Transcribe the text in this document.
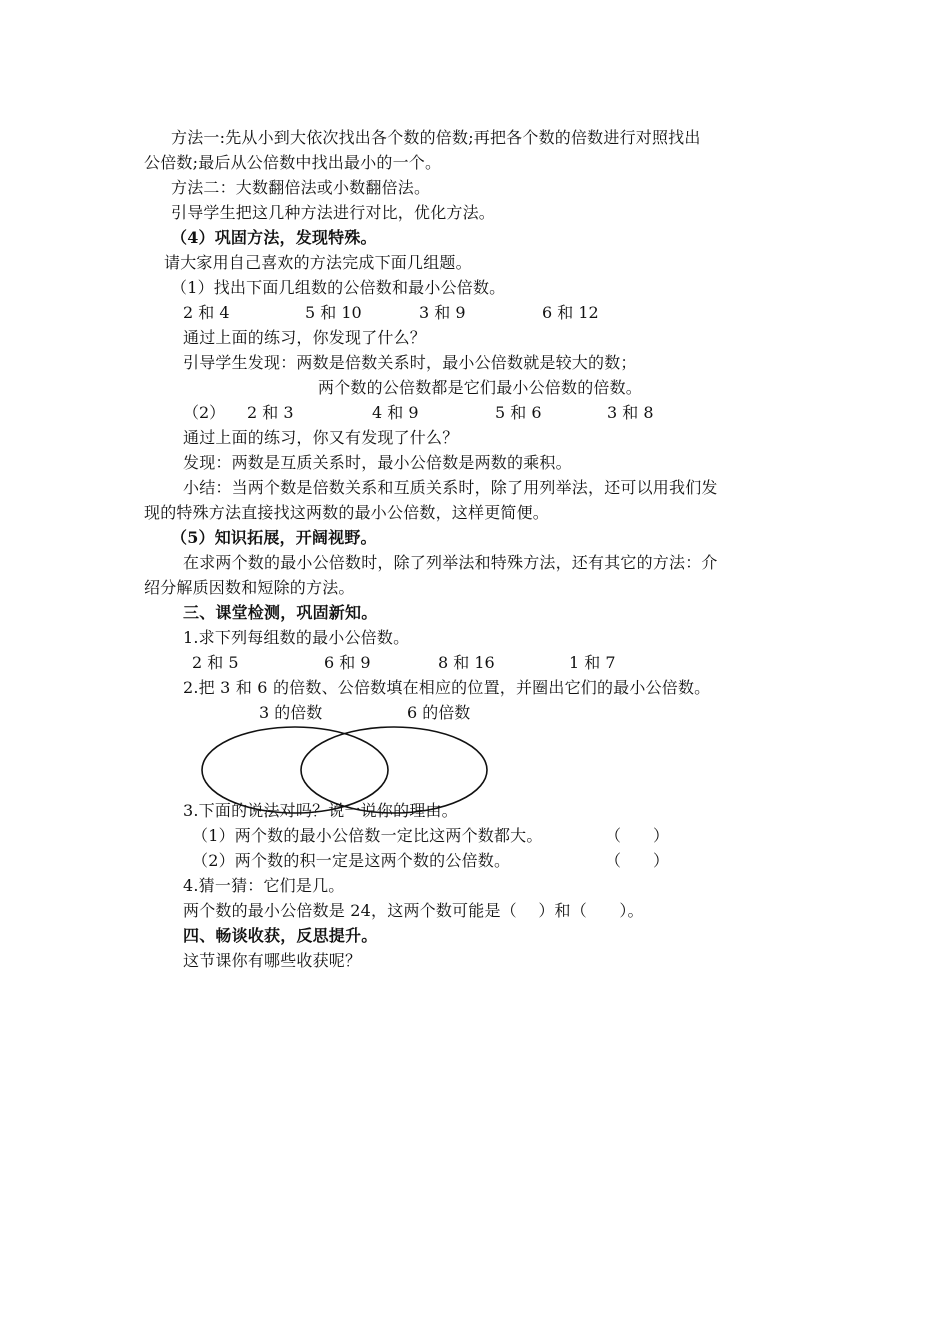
方法一:先从小到大依次找出各个数的倍数;再把各个数的倍数进行对照找出
公倍数;最后从公倍数中找出最小的一个。
方法二：大数翻倍法或小数翻倍法。
引导学生把这几种方法进行对比，优化方法。
（4）巩固方法，发现特殊。
请大家用自己喜欢的方法完成下面几组题。
（1）找出下面几组数的公倍数和最小公倍数。
2 和 4	5 和 10	3 和 9	6 和 12
通过上面的练习，你发现了什么？
引导学生发现：两数是倍数关系时，最小公倍数就是较大的数；
两个数的公倍数都是它们最小公倍数的倍数。
（2） 2 和 3	4 和 9	5 和 6	3 和 8
通过上面的练习，你又有发现了什么？
发现：两数是互质关系时，最小公倍数是两数的乘积。
小结：当两个数是倍数关系和互质关系时，除了用列举法，还可以用我们发
现的特殊方法直接找这两数的最小公倍数，这样更简便。
（5）知识拓展，开阔视野。
在求两个数的最小公倍数时，除了列举法和特殊方法，还有其它的方法：介
绍分解质因数和短除的方法。
三、课堂检测，巩固新知。
1.求下列每组数的最小公倍数。
2 和 5	6 和 9	8 和 16	1 和 7
2.把 3 和 6 的倍数、公倍数填在相应的位置，并圈出它们的最小公倍数。
3 的倍数	6 的倍数
3.下面的说法对吗？说一说你的理由。
（1）两个数的最小公倍数一定比这两个数都大。	（　　）
（2）两个数的积一定是这两个数的公倍数。	（　　）
4.猜一猜：它们是几。
两个数的最小公倍数是 24，这两个数可能是（　 ）和（　　）。
四、畅谈收获，反思提升。
这节课你有哪些收获呢？
